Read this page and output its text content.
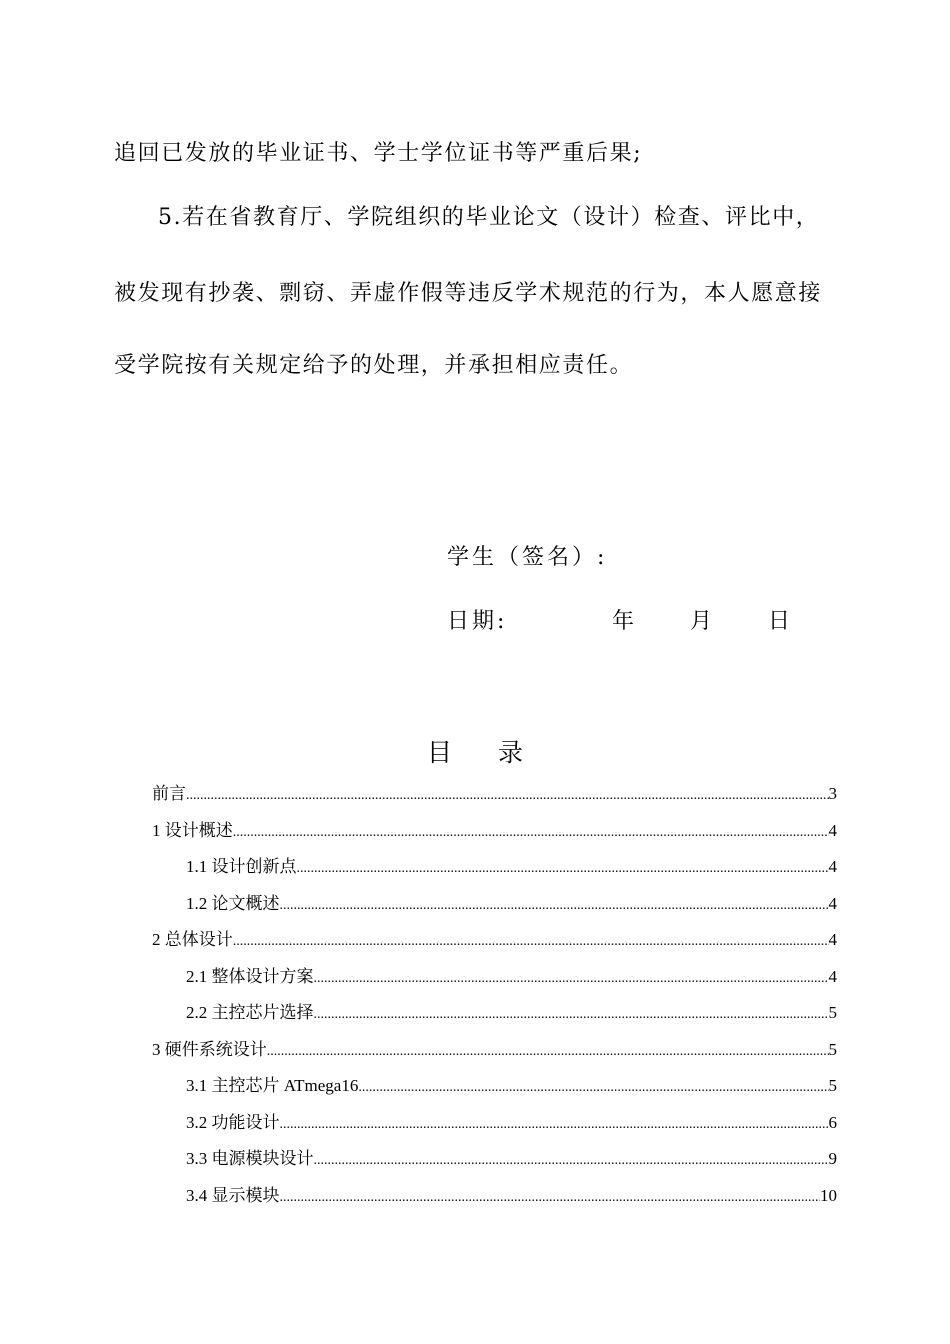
追回已发放的毕业证书、学士学位证书等严重后果;
5.若在省教育厅、学院组织的毕业论文（设计）检查、评比中，
被发现有抄袭、剽窃、弄虚作假等违反学术规范的行为，本人愿意接
受学院按有关规定给予的处理，并承担相应责任。
学生（签名）:
日期:	年 月 日
目录
前言 .....	3
1 设计概述 .....	4
1.1 设计创新点 .....	4
1.2 论文概述 .....	4
2 总体设计 .....	4
2.1 整体设计方案 .....	4
2.2 主控芯片选择 .....	5
3 硬件系统设计 .....	5
3.1 主控芯片 ATmega16 .....	5
3.2 功能设计 .....	6
3.3 电源模块设计 .....	9
3.4 显示模块 .....	10
